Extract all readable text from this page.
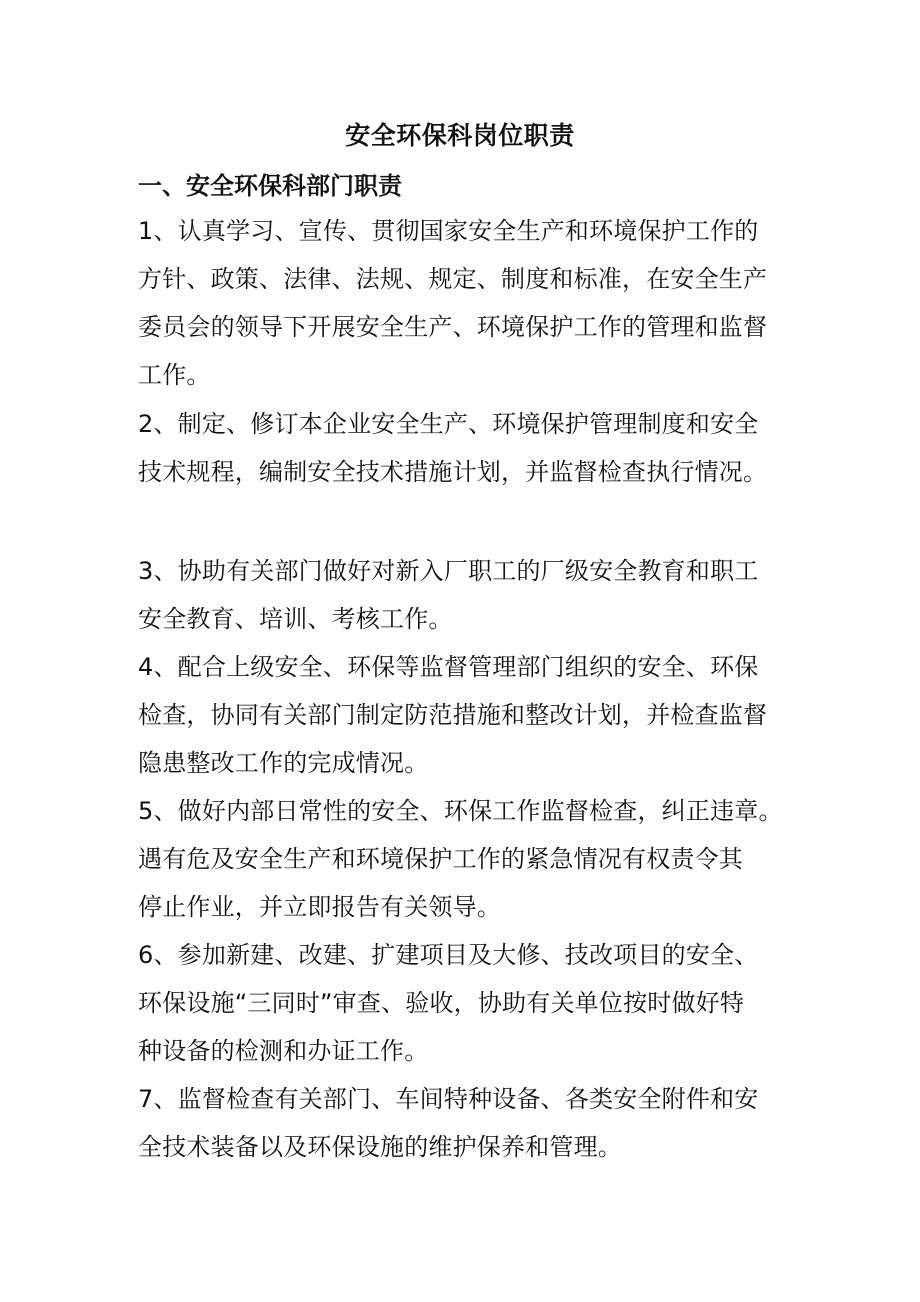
安全环保科岗位职责
一、安全环保科部门职责
1、认真学习、宣传、贯彻国家安全生产和环境保护工作的
方针、政策、法律、法规、规定、制度和标准，在安全生产
委员会的领导下开展安全生产、环境保护工作的管理和监督
工作。
2、制定、修订本企业安全生产、环境保护管理制度和安全
技术规程，编制安全技术措施计划，并监督检查执行情况。
3、协助有关部门做好对新入厂职工的厂级安全教育和职工
安全教育、培训、考核工作。
4、配合上级安全、环保等监督管理部门组织的安全、环保
检查，协同有关部门制定防范措施和整改计划，并检查监督
隐患整改工作的完成情况。
5、做好内部日常性的安全、环保工作监督检查，纠正违章。
遇有危及安全生产和环境保护工作的紧急情况有权责令其
停止作业，并立即报告有关领导。
6、参加新建、改建、扩建项目及大修、技改项目的安全、
环保设施“三同时”审查、验收，协助有关单位按时做好特
种设备的检测和办证工作。
7、监督检查有关部门、车间特种设备、各类安全附件和安
全技术装备以及环保设施的维护保养和管理。
